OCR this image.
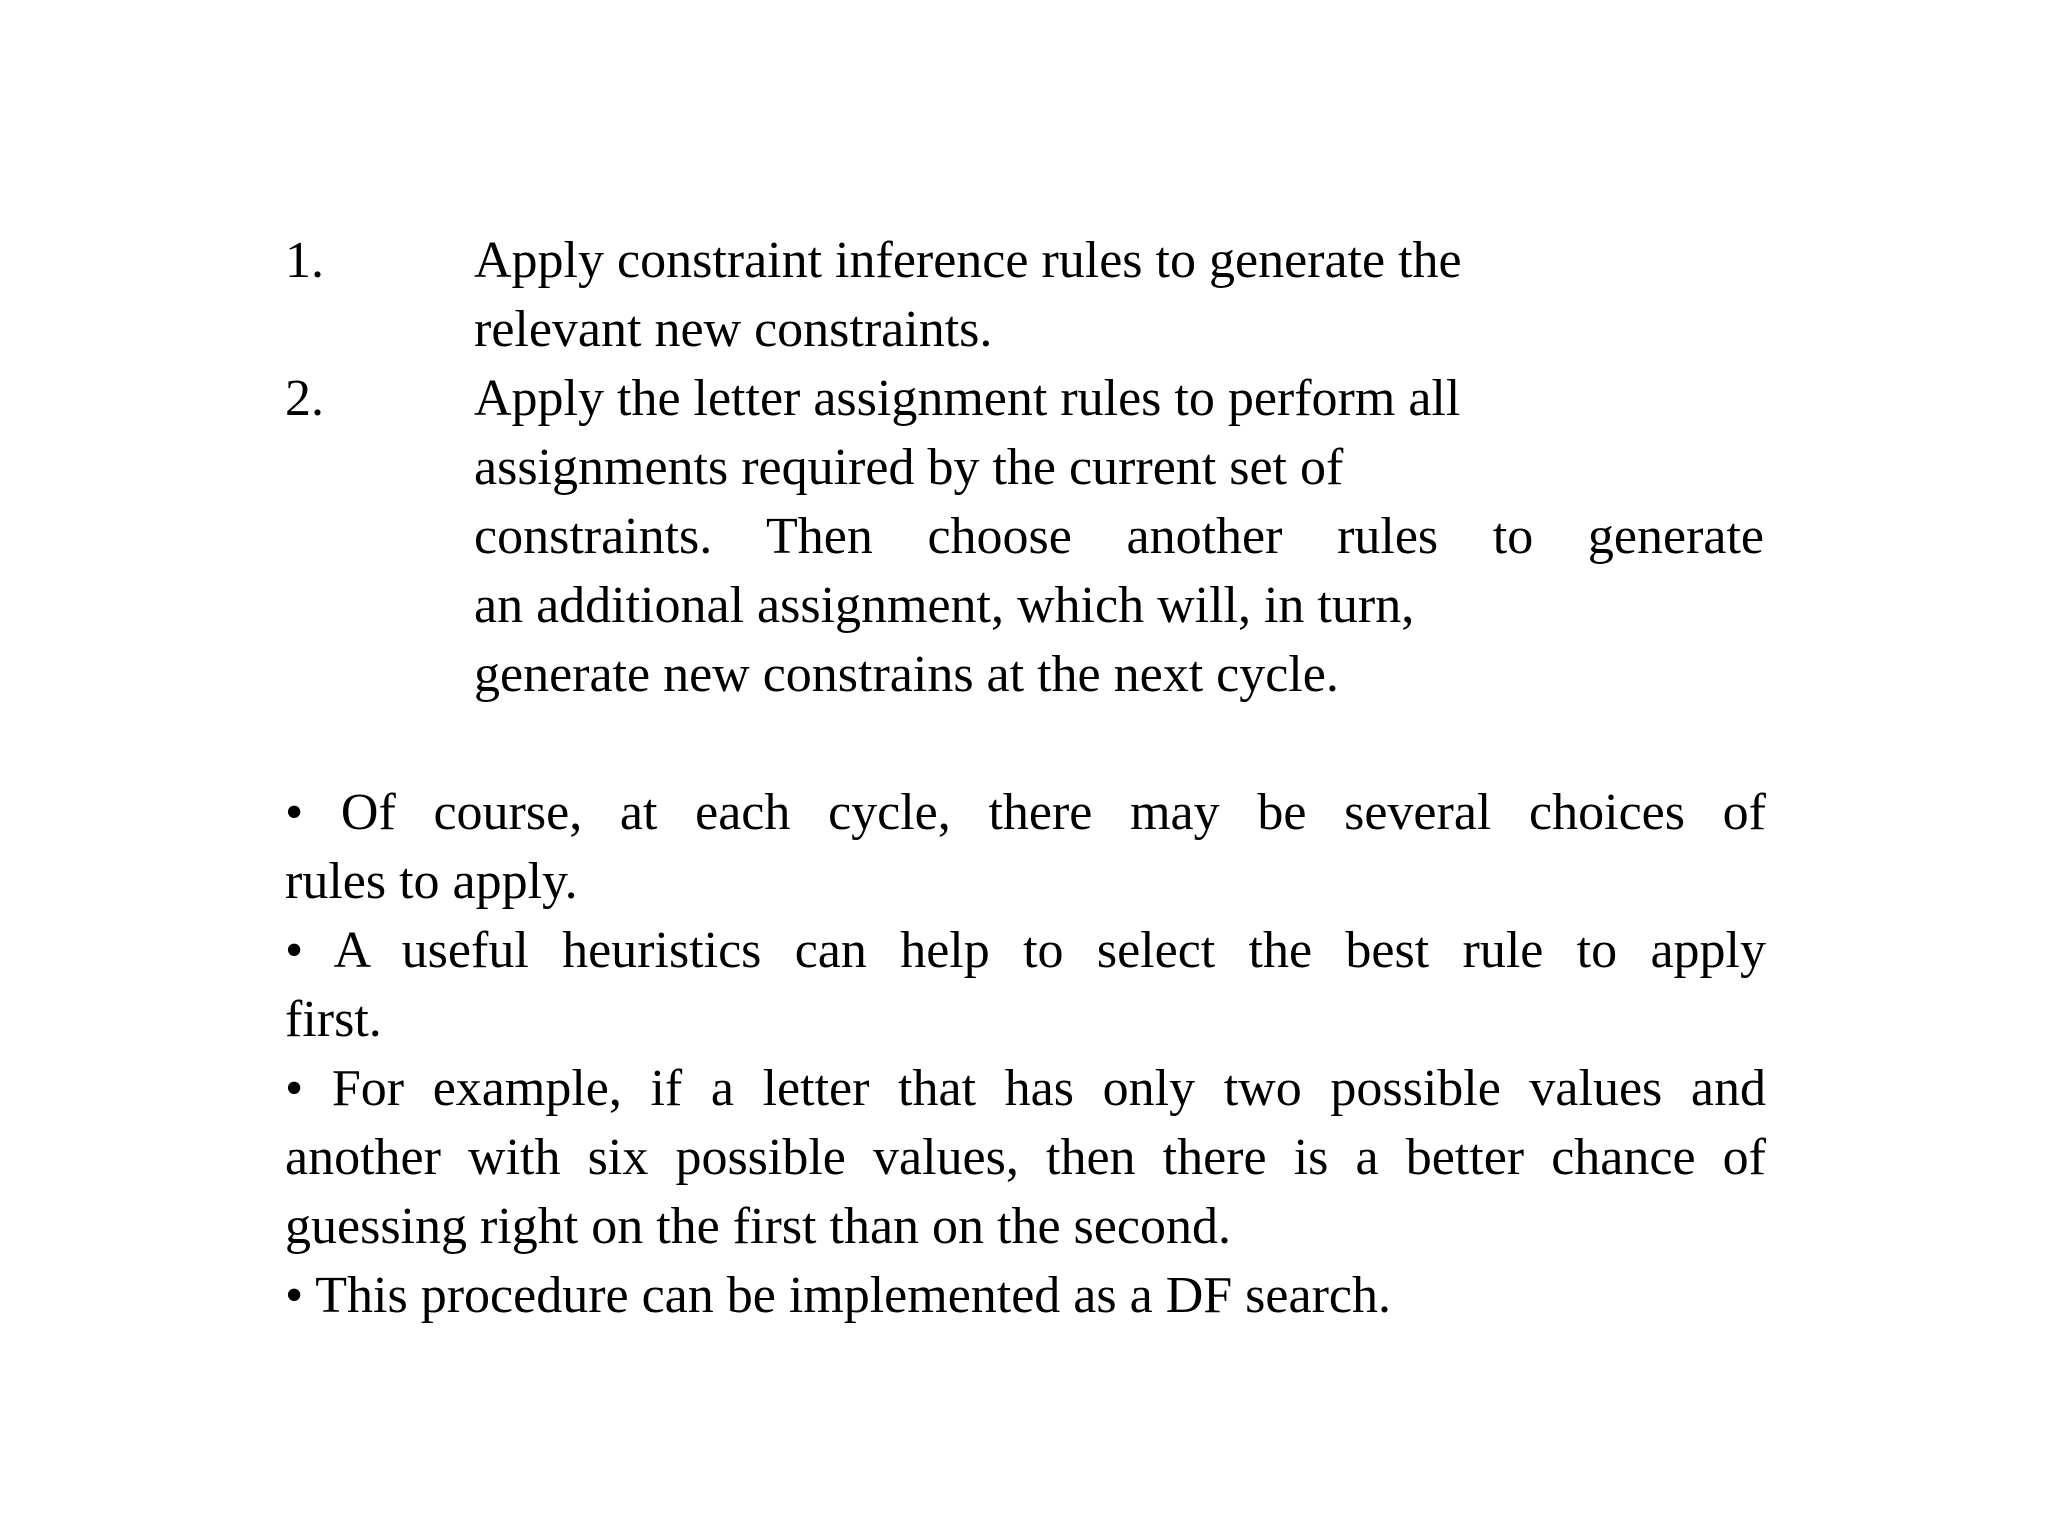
1.	Apply constraint inference rules to generate the
relevant new constraints.
2.	Apply the letter assignment rules to perform all
assignments required by the current set of
constraints. Then choose another rules to generate
an additional assignment, which will, in turn,
generate new constrains at the next cycle.
• Of course, at each cycle, there may be several choices of
rules to apply.
• A useful heuristics can help to select the best rule to apply
first.
• For example, if a letter that has only two possible values and
another with six possible values, then there is a better chance of
guessing right on the first than on the second.
• This procedure can be implemented as a DF search.
